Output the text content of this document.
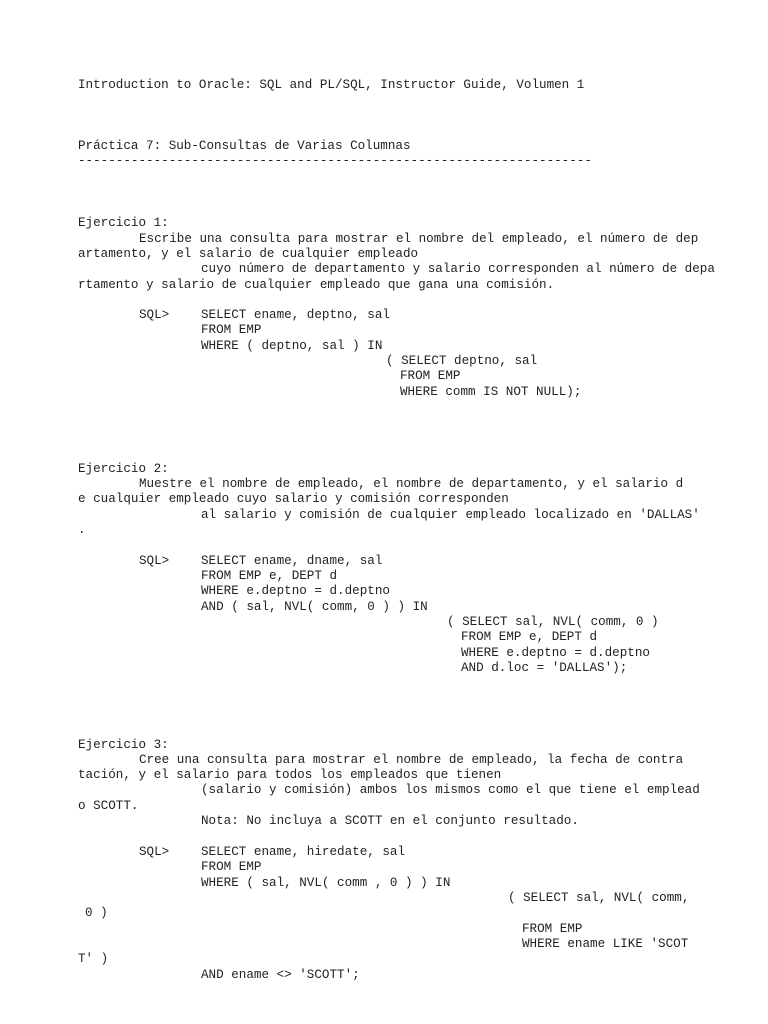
Introduction to Oracle: SQL and PL/SQL, Instructor Guide, Volumen 1
Práctica 7: Sub-Consultas de Varias Columnas
--------------------------------------------------------------------
Ejercicio 1:
Escribe una consulta para mostrar el nombre del empleado, el número de dep
artamento, y el salario de cualquier empleado
cuyo número de departamento y salario corresponden al número de depa
rtamento y salario de cualquier empleado que gana una comisión.
SQL>	SELECT ename, deptno, sal
FROM EMP
WHERE ( deptno, sal ) IN
( SELECT deptno, sal
FROM EMP
WHERE comm IS NOT NULL);
Ejercicio 2:
Muestre el nombre de empleado, el nombre de departamento, y el salario d
e cualquier empleado cuyo salario y comisión corresponden
al salario y comisión de cualquier empleado localizado en 'DALLAS'
.
SQL>	SELECT ename, dname, sal
FROM EMP e, DEPT d
WHERE e.deptno = d.deptno
AND ( sal, NVL( comm, 0 ) ) IN
( SELECT sal, NVL( comm, 0 )
FROM EMP e, DEPT d
WHERE e.deptno = d.deptno
AND d.loc = 'DALLAS');
Ejercicio 3:
Cree una consulta para mostrar el nombre de empleado, la fecha de contra
tación, y el salario para todos los empleados que tienen
(salario y comisión) ambos los mismos como el que tiene el emplead
o SCOTT.
Nota: No incluya a SCOTT en el conjunto resultado.
SQL>	SELECT ename, hiredate, sal
FROM EMP
WHERE ( sal, NVL( comm , 0 ) ) IN
( SELECT sal, NVL( comm,
0 )
FROM EMP
WHERE ename LIKE 'SCOT
T' )
AND ename <> 'SCOTT';
